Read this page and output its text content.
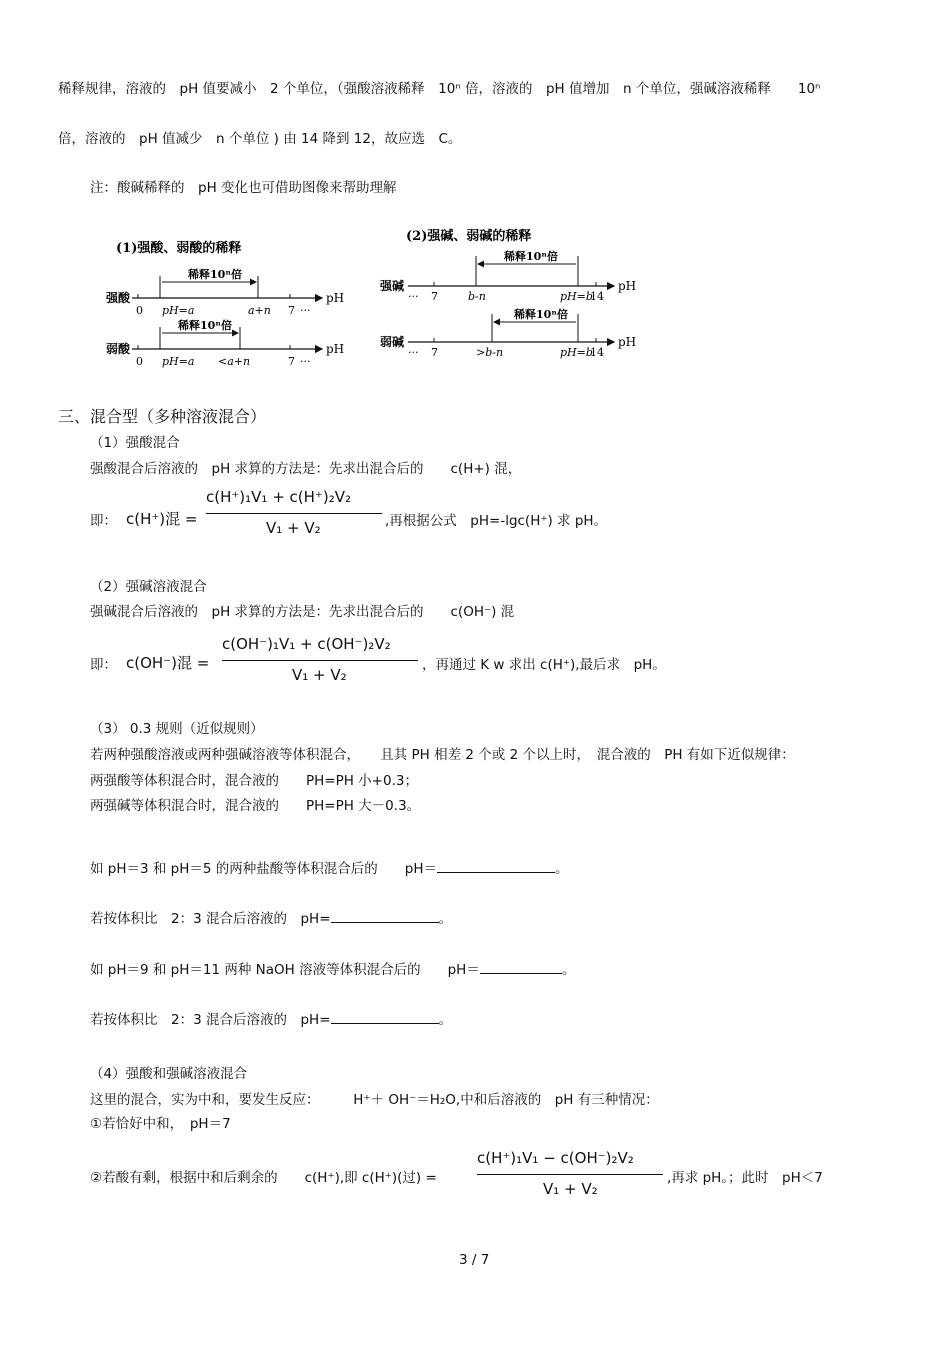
稀释规律，溶液的　pH 值要减小　2 个单位，（强酸溶液稀释　10ⁿ 倍，溶液的　pH 值增加　n 个单位，强碱溶液稀释　　10ⁿ
倍，溶液的　pH 值减少　n 个单位 ) 由 14 降到 12，故应选　C。
注：酸碱稀释的　pH 变化也可借助图像来帮助理解
(1)强酸、弱酸的稀释
强酸
稀释10ⁿ倍
0 pH=a	a+n 7 ···
pH
弱酸
稀释10ⁿ倍
0 pH=a <a+n	7 ···
pH
(2)强碱、弱碱的稀释
强碱
稀释10ⁿ倍
··· 7	b-n	pH=b
14
pH
弱碱
稀释10ⁿ倍
··· 7	>b-n	pH=b
14
pH
三、混合型（多种溶液混合）
（1）强酸混合
强酸混合后溶液的　pH 求算的方法是：先求出混合后的　　c(H+) 混，
即： c(H⁺)混 =
c(H⁺)₁V₁ + c(H⁺)₂V₂
V₁ + V₂	,再根据公式　pH=-lgc(H⁺) 求 pH。
（2）强碱溶液混合
强碱混合后溶液的　pH 求算的方法是：先求出混合后的　　c(OH⁻) 混
即： c(OH⁻)混 =
c(OH⁻)₁V₁ + c(OH⁻)₂V₂
V₁ + V₂
，再通过 K w 求出 c(H⁺),最后求　pH。
（3） 0.3 规则（近似规则）
若两种强酸溶液或两种强碱溶液等体积混合，　　且其 PH 相差 2 个或 2 个以上时，　混合液的　PH 有如下近似规律：
两强酸等体积混合时，混合液的　　PH=PH 小+0.3；
两强碱等体积混合时，混合液的　　PH=PH 大－0.3。
如 pH＝3 和 pH＝5 的两种盐酸等体积混合后的　　pH＝	。
若按体积比　2：3 混合后溶液的　pH=	。
如 pH＝9 和 pH＝11 两种 NaOH 溶液等体积混合后的　　pH＝	。
若按体积比　2：3 混合后溶液的　pH=	。
（4）强酸和强碱溶液混合
这里的混合，实为中和，要发生反应：　　　H⁺＋ OH⁻＝H₂O,中和后溶液的　pH 有三种情况：
①若恰好中和，　pH＝7
②若酸有剩，根据中和后剩余的　　c(H⁺),即 c(H⁺)(过) =
c(H⁺)₁V₁ − c(OH⁻)₂V₂
V₁ + V₂
,再求 pH。；此时　pH＜7
3 / 7
